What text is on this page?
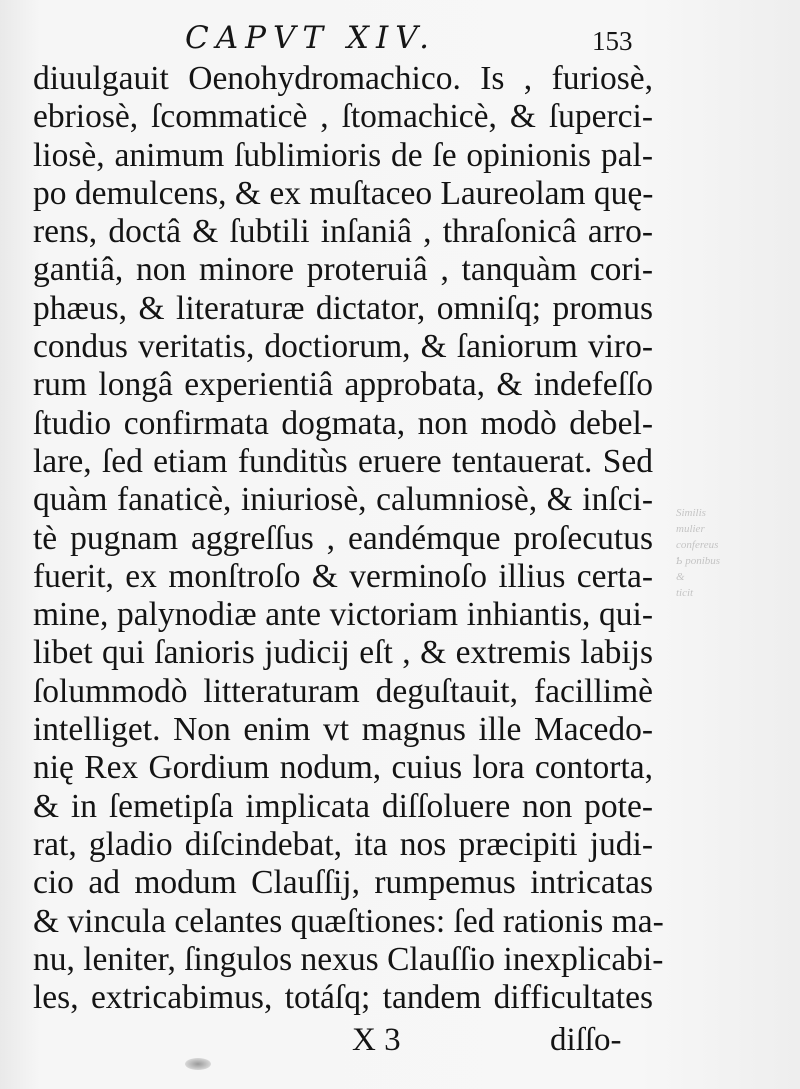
CAPVT XIV.	153
diuulgauit Oenohydromachico. Is , furiosè,
ebriosè, ſcommaticè , ſtomachicè, & ſuperci-
liosè, animum ſublimioris de ſe opinionis pal-
po demulcens, & ex muſtaceo Laureolam quę-
rens, doctâ & ſubtili inſaniâ , thraſonicâ arro-
gantiâ, non minore proteruiâ , tanquàm cori-
phæus, & literaturæ dictator, omniſq; promus
condus veritatis, doctiorum, & ſaniorum viro-
rum longâ experientiâ approbata, & indefeſſo
ſtudio confirmata dogmata, non modò debel-
lare, ſed etiam funditùs eruere tentauerat. Sed
quàm fanaticè, iniuriosè, calumniosè, & inſci-
tè pugnam aggreſſus , eandémque proſecutus
fuerit, ex monſtroſo & verminoſo illius certa-
mine, palynodiæ ante victoriam inhiantis, qui-
libet qui ſanioris judicij eſt , & extremis labijs
ſolummodò litteraturam deguſtauit, facillimè
intelliget. Non enim vt magnus ille Macedo-
nię Rex Gordium nodum, cuius lora contorta,
& in ſemetipſa implicata diſſoluere non pote-
rat, gladio diſcindebat, ita nos præcipiti judi-
cio ad modum Clauſſij, rumpemus intricatas
& vincula celantes quæſtiones: ſed rationis ma-
nu, leniter, ſingulos nexus Clauſſio inexplicabi-
les, extricabimus, totáſq; tandem difficultates
Similis
mulier
confereus
Ƅ ponibus
&
ticit
X 3	diſſo-
